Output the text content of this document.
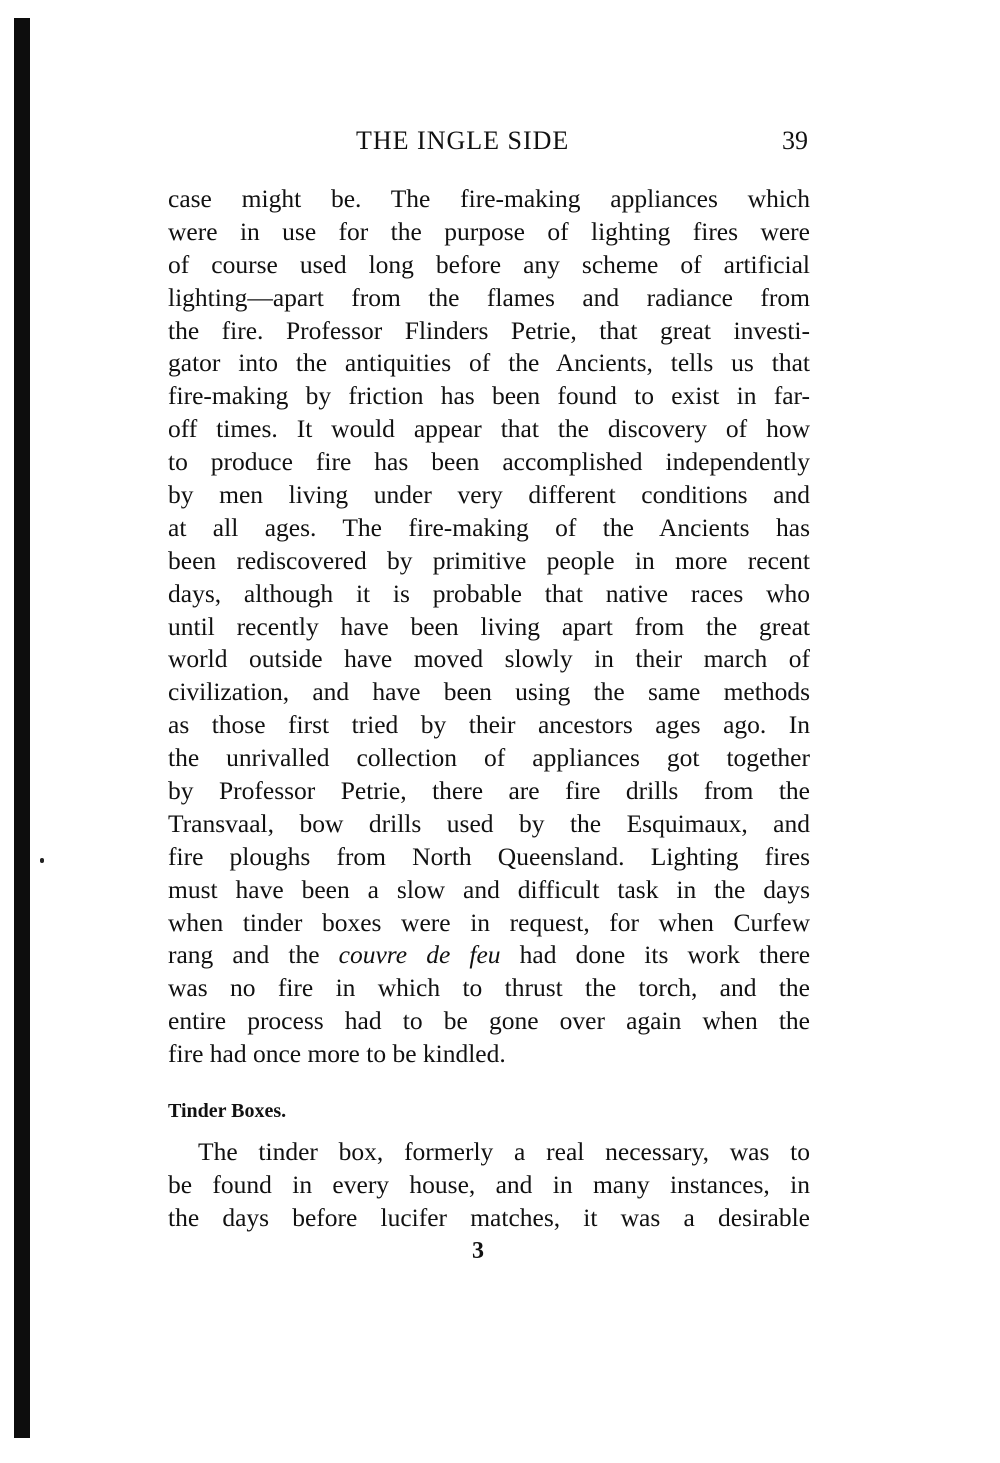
THE INGLE SIDE	39
case might be. The fire-making appliances which
were in use for the purpose of lighting fires were
of course used long before any scheme of artificial
lighting—apart from the flames and radiance from
the fire. Professor Flinders Petrie, that great investi-
gator into the antiquities of the Ancients, tells us that
fire-making by friction has been found to exist in far-
off times. It would appear that the discovery of how
to produce fire has been accomplished independently
by men living under very different conditions and
at all ages. The fire-making of the Ancients has
been rediscovered by primitive people in more recent
days, although it is probable that native races who
until recently have been living apart from the great
world outside have moved slowly in their march of
civilization, and have been using the same methods
as those first tried by their ancestors ages ago. In
the unrivalled collection of appliances got together
by Professor Petrie, there are fire drills from the
Transvaal, bow drills used by the Esquimaux, and
fire ploughs from North Queensland. Lighting fires
must have been a slow and difficult task in the days
when tinder boxes were in request, for when Curfew
rang and the couvre de feu had done its work there
was no fire in which to thrust the torch, and the
entire process had to be gone over again when the
fire had once more to be kindled.
Tinder Boxes.
The tinder box, formerly a real necessary, was to
be found in every house, and in many instances, in
the days before lucifer matches, it was a desirable
3
